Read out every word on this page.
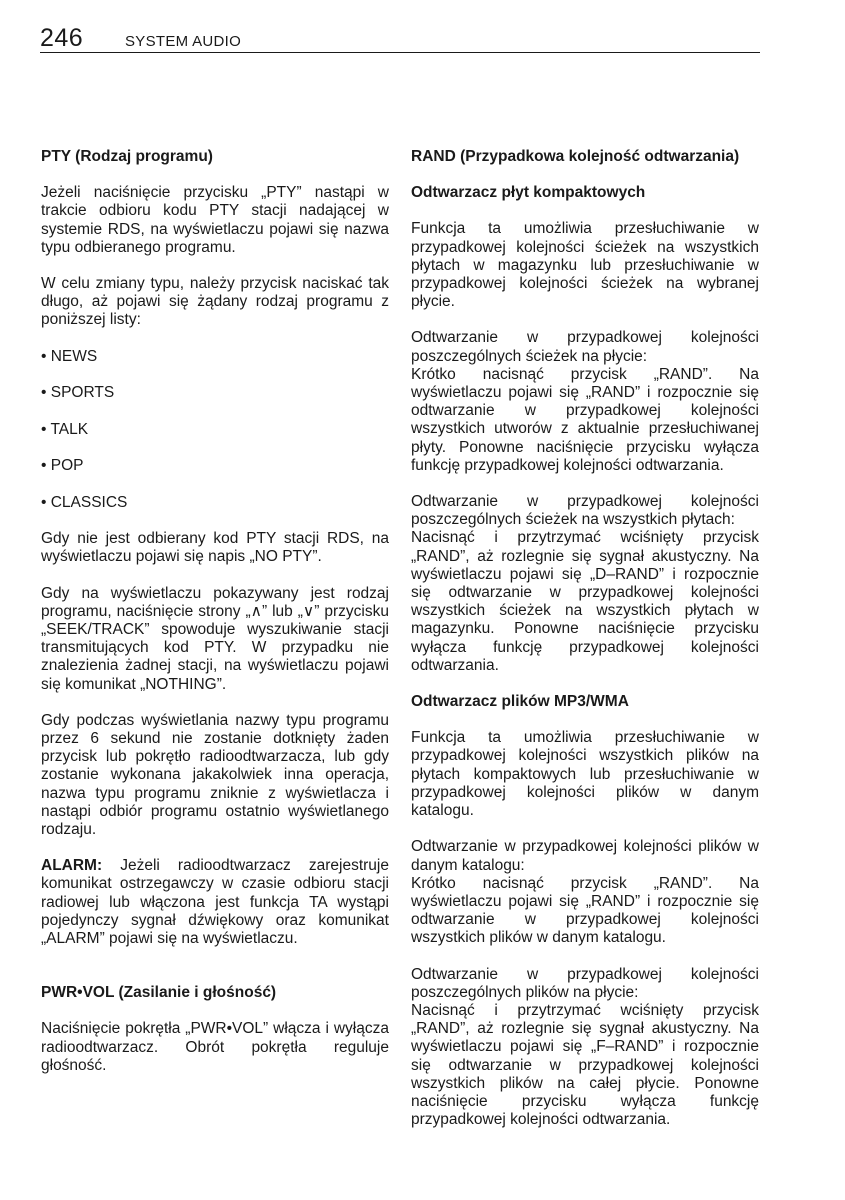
246	SYSTEM AUDIO
PTY (Rodzaj programu)

Jeżeli naciśnięcie przycisku „PTY” nastąpi w trakcie odbioru kodu PTY stacji nadającej w systemie RDS, na wyświetlaczu pojawi się nazwa typu odbieranego programu.

W celu zmiany typu, należy przycisk naciskać tak długo, aż pojawi się żądany rodzaj programu z poniższej listy:

• NEWS
• SPORTS
• TALK
• POP
• CLASSICS

Gdy nie jest odbierany kod PTY stacji RDS, na wyświetlaczu pojawi się napis „NO PTY”.

Gdy na wyświetlaczu pokazywany jest rodzaj programu, naciśnięcie strony „∧” lub „∨” przycisku „SEEK/TRACK” spowoduje wyszukiwanie stacji transmitujących kod PTY. W przypadku nie znalezienia żadnej stacji, na wyświetlaczu pojawi się komunikat „NOTHING”.

Gdy podczas wyświetlania nazwy typu programu przez 6 sekund nie zostanie dotknięty żaden przycisk lub pokrętło radioodtwarzacza, lub gdy zostanie wykonana jakakolwiek inna operacja, nazwa typu programu zniknie z wyświetlacza i nastąpi odbiór programu ostatnio wyświetlanego rodzaju.

ALARM: Jeżeli radioodtwarzacz zarejestruje komunikat ostrzegawczy w czasie odbioru stacji radiowej lub włączona jest funkcja TA wystąpi pojedynczy sygnał dźwiękowy oraz komunikat „ALARM” pojawi się na wyświetlaczu.

PWR•VOL (Zasilanie i głośność)

Naciśnięcie pokrętła „PWR•VOL” włącza i wyłącza radioodtwarzacz. Obrót pokrętła reguluje głośność.

RAND (Przypadkowa kolejność odtwarzania)
Odtwarzacz płyt kompaktowych

Funkcja ta umożliwia przesłuchiwanie w przypadkowej kolejności ścieżek na wszystkich płytach w magazynku lub przesłuchiwanie w przypadkowej kolejności ścieżek na wybranej płycie.

Odtwarzanie w przypadkowej kolejności poszczególnych ścieżek na płycie:
Krótko nacisnąć przycisk „RAND”. Na wyświetlaczu pojawi się „RAND” i rozpocznie się odtwarzanie w przypadkowej kolejności wszystkich utworów z aktualnie przesłuchiwanej płyty. Ponowne naciśnięcie przycisku wyłącza funkcję przypadkowej kolejności odtwarzania.
Odtwarzanie w przypadkowej kolejności poszczególnych ścieżek na wszystkich płytach:
Nacisnąć i przytrzymać wciśnięty przycisk „RAND”, aż rozlegnie się sygnał akustyczny. Na wyświetlaczu pojawi się „D–RAND” i rozpocznie się odtwarzanie w przypadkowej kolejności wszystkich ścieżek na wszystkich płytach w magazynku. Ponowne naciśnięcie przycisku wyłącza funkcję przypadkowej kolejności odtwarzania.
Odtwarzacz plików MP3/WMA

Funkcja ta umożliwia przesłuchiwanie w przypadkowej kolejności wszystkich plików na płytach kompaktowych lub przesłuchiwanie w przypadkowej kolejności plików w danym katalogu.

Odtwarzanie w przypadkowej kolejności plików w danym katalogu:
Krótko nacisnąć przycisk „RAND”. Na wyświetlaczu pojawi się „RAND” i rozpocznie się odtwarzanie w przypadkowej kolejności wszystkich plików w danym katalogu.
Odtwarzanie w przypadkowej kolejności poszczególnych plików na płycie:
Nacisnąć i przytrzymać wciśnięty przycisk „RAND”, aż rozlegnie się sygnał akustyczny. Na wyświetlaczu pojawi się „F–RAND” i rozpocznie się odtwarzanie w przypadkowej kolejności wszystkich plików na całej płycie. Ponowne naciśnięcie przycisku wyłącza funkcję przypadkowej kolejności odtwarzania.
